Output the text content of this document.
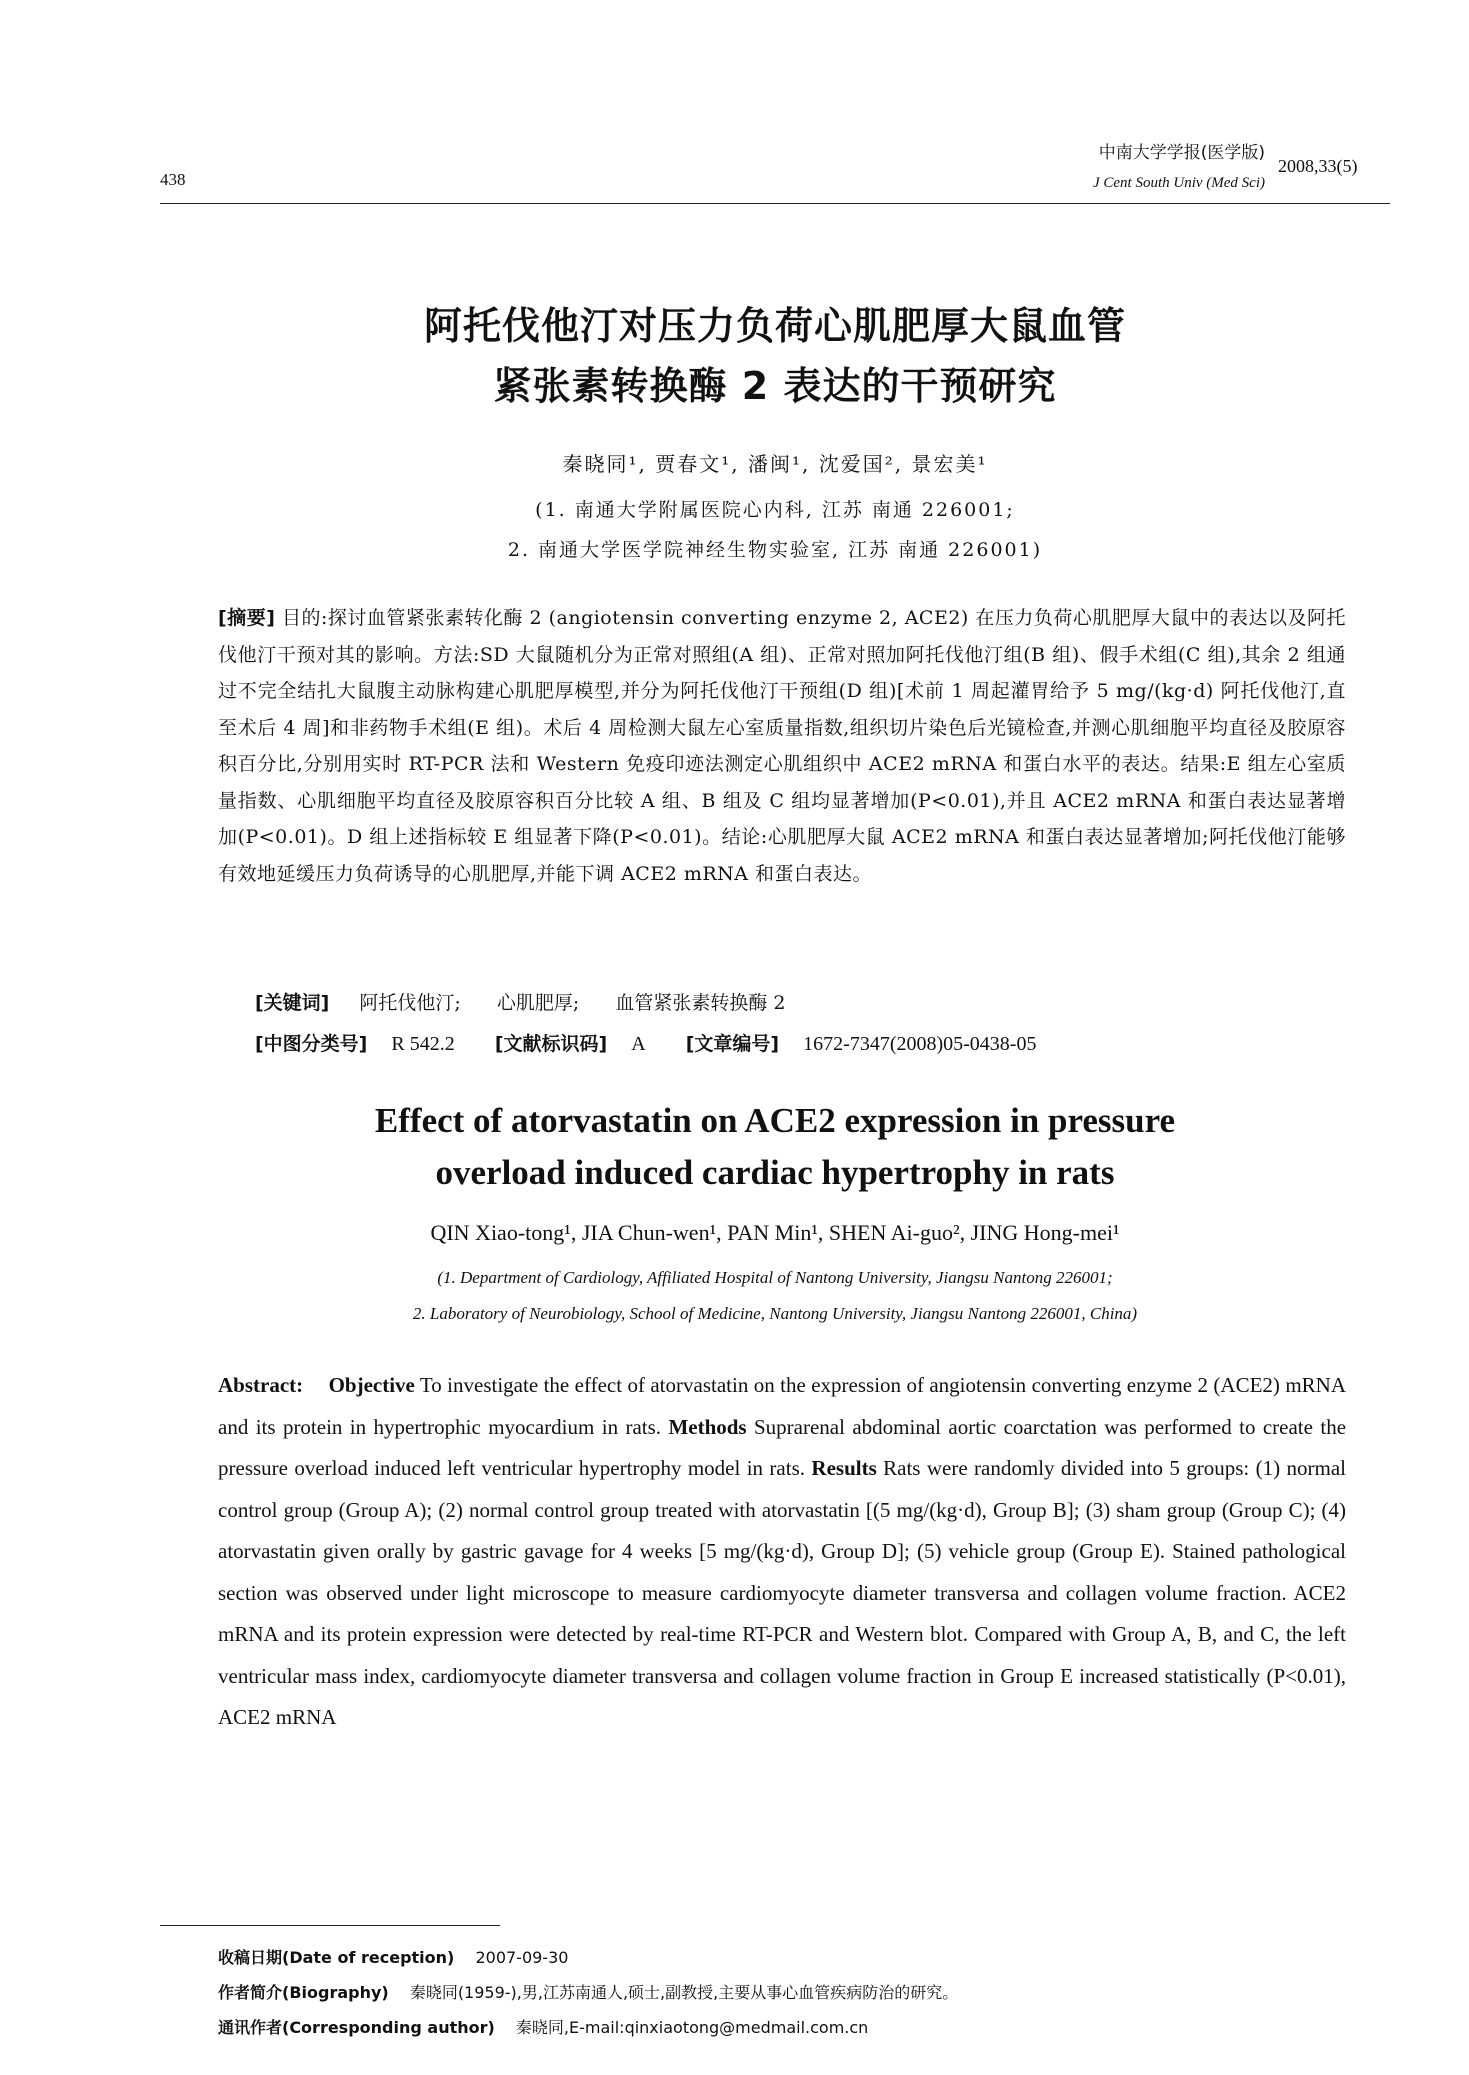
438
中南大学学报(医学版)
J Cent South Univ (Med Sci)
2008,33(5)
阿托伐他汀对压力负荷心肌肥厚大鼠血管
紧张素转换酶 2 表达的干预研究
秦晓同¹, 贾春文¹, 潘闽¹, 沈爱国², 景宏美¹
(1. 南通大学附属医院心内科, 江苏 南通 226001;
2. 南通大学医学院神经生物实验室, 江苏 南通 226001)
[摘要] 目的:探讨血管紧张素转化酶 2 (angiotensin converting enzyme 2, ACE2) 在压力负荷心肌肥厚大鼠中的表达以及阿托伐他汀干预对其的影响。方法:SD 大鼠随机分为正常对照组(A 组)、正常对照加阿托伐他汀组(B 组)、假手术组(C 组),其余 2 组通过不完全结扎大鼠腹主动脉构建心肌肥厚模型,并分为阿托伐他汀干预组(D 组)[术前 1 周起灌胃给予 5 mg/(kg·d) 阿托伐他汀,直至术后 4 周]和非药物手术组(E 组)。术后 4 周检测大鼠左心室质量指数,组织切片染色后光镜检查,并测心肌细胞平均直径及胶原容积百分比,分别用实时 RT-PCR 法和 Western 免疫印迹法测定心肌组织中 ACE2 mRNA 和蛋白水平的表达。结果:E 组左心室质量指数、心肌细胞平均直径及胶原容积百分比较 A 组、B 组及 C 组均显著增加(P<0.01),并且 ACE2 mRNA 和蛋白表达显著增加(P<0.01)。D 组上述指标较 E 组显著下降(P<0.01)。结论:心肌肥厚大鼠 ACE2 mRNA 和蛋白表达显著增加;阿托伐他汀能够有效地延缓压力负荷诱导的心肌肥厚,并能下调 ACE2 mRNA 和蛋白表达。
[关键词] 阿托伐他汀; 心肌肥厚; 血管紧张素转换酶 2
[中图分类号] R 542.2 [文献标识码] A [文章编号] 1672-7347(2008)05-0438-05
Effect of atorvastatin on ACE2 expression in pressure
overload induced cardiac hypertrophy in rats
QIN Xiao-tong¹, JIA Chun-wen¹, PAN Min¹, SHEN Ai-guo², JING Hong-mei¹
(1. Department of Cardiology, Affiliated Hospital of Nantong University, Jiangsu Nantong 226001;
2. Laboratory of Neurobiology, School of Medicine, Nantong University, Jiangsu Nantong 226001, China)
Abstract: Objective To investigate the effect of atorvastatin on the expression of angiotensin converting enzyme 2 (ACE2) mRNA and its protein in hypertrophic myocardium in rats. Methods Suprarenal abdominal aortic coarctation was performed to create the pressure overload induced left ventricular hypertrophy model in rats. Results Rats were randomly divided into 5 groups: (1) normal control group (Group A); (2) normal control group treated with atorvastatin [(5 mg/(kg·d), Group B]; (3) sham group (Group C); (4) atorvastatin given orally by gastric gavage for 4 weeks [5 mg/(kg·d), Group D]; (5) vehicle group (Group E). Stained pathological section was observed under light microscope to measure cardiomyocyte diameter transversa and collagen volume fraction. ACE2 mRNA and its protein expression were detected by real-time RT-PCR and Western blot. Compared with Group A, B, and C, the left ventricular mass index, cardiomyocyte diameter transversa and collagen volume fraction in Group E increased statistically (P<0.01), ACE2 mRNA
收稿日期(Date of reception) 2007-09-30
作者简介(Biography) 秦晓同(1959-),男,江苏南通人,硕士,副教授,主要从事心血管疾病防治的研究。
通讯作者(Corresponding author) 秦晓同,E-mail:qinxiaotong@medmail.com.cn
